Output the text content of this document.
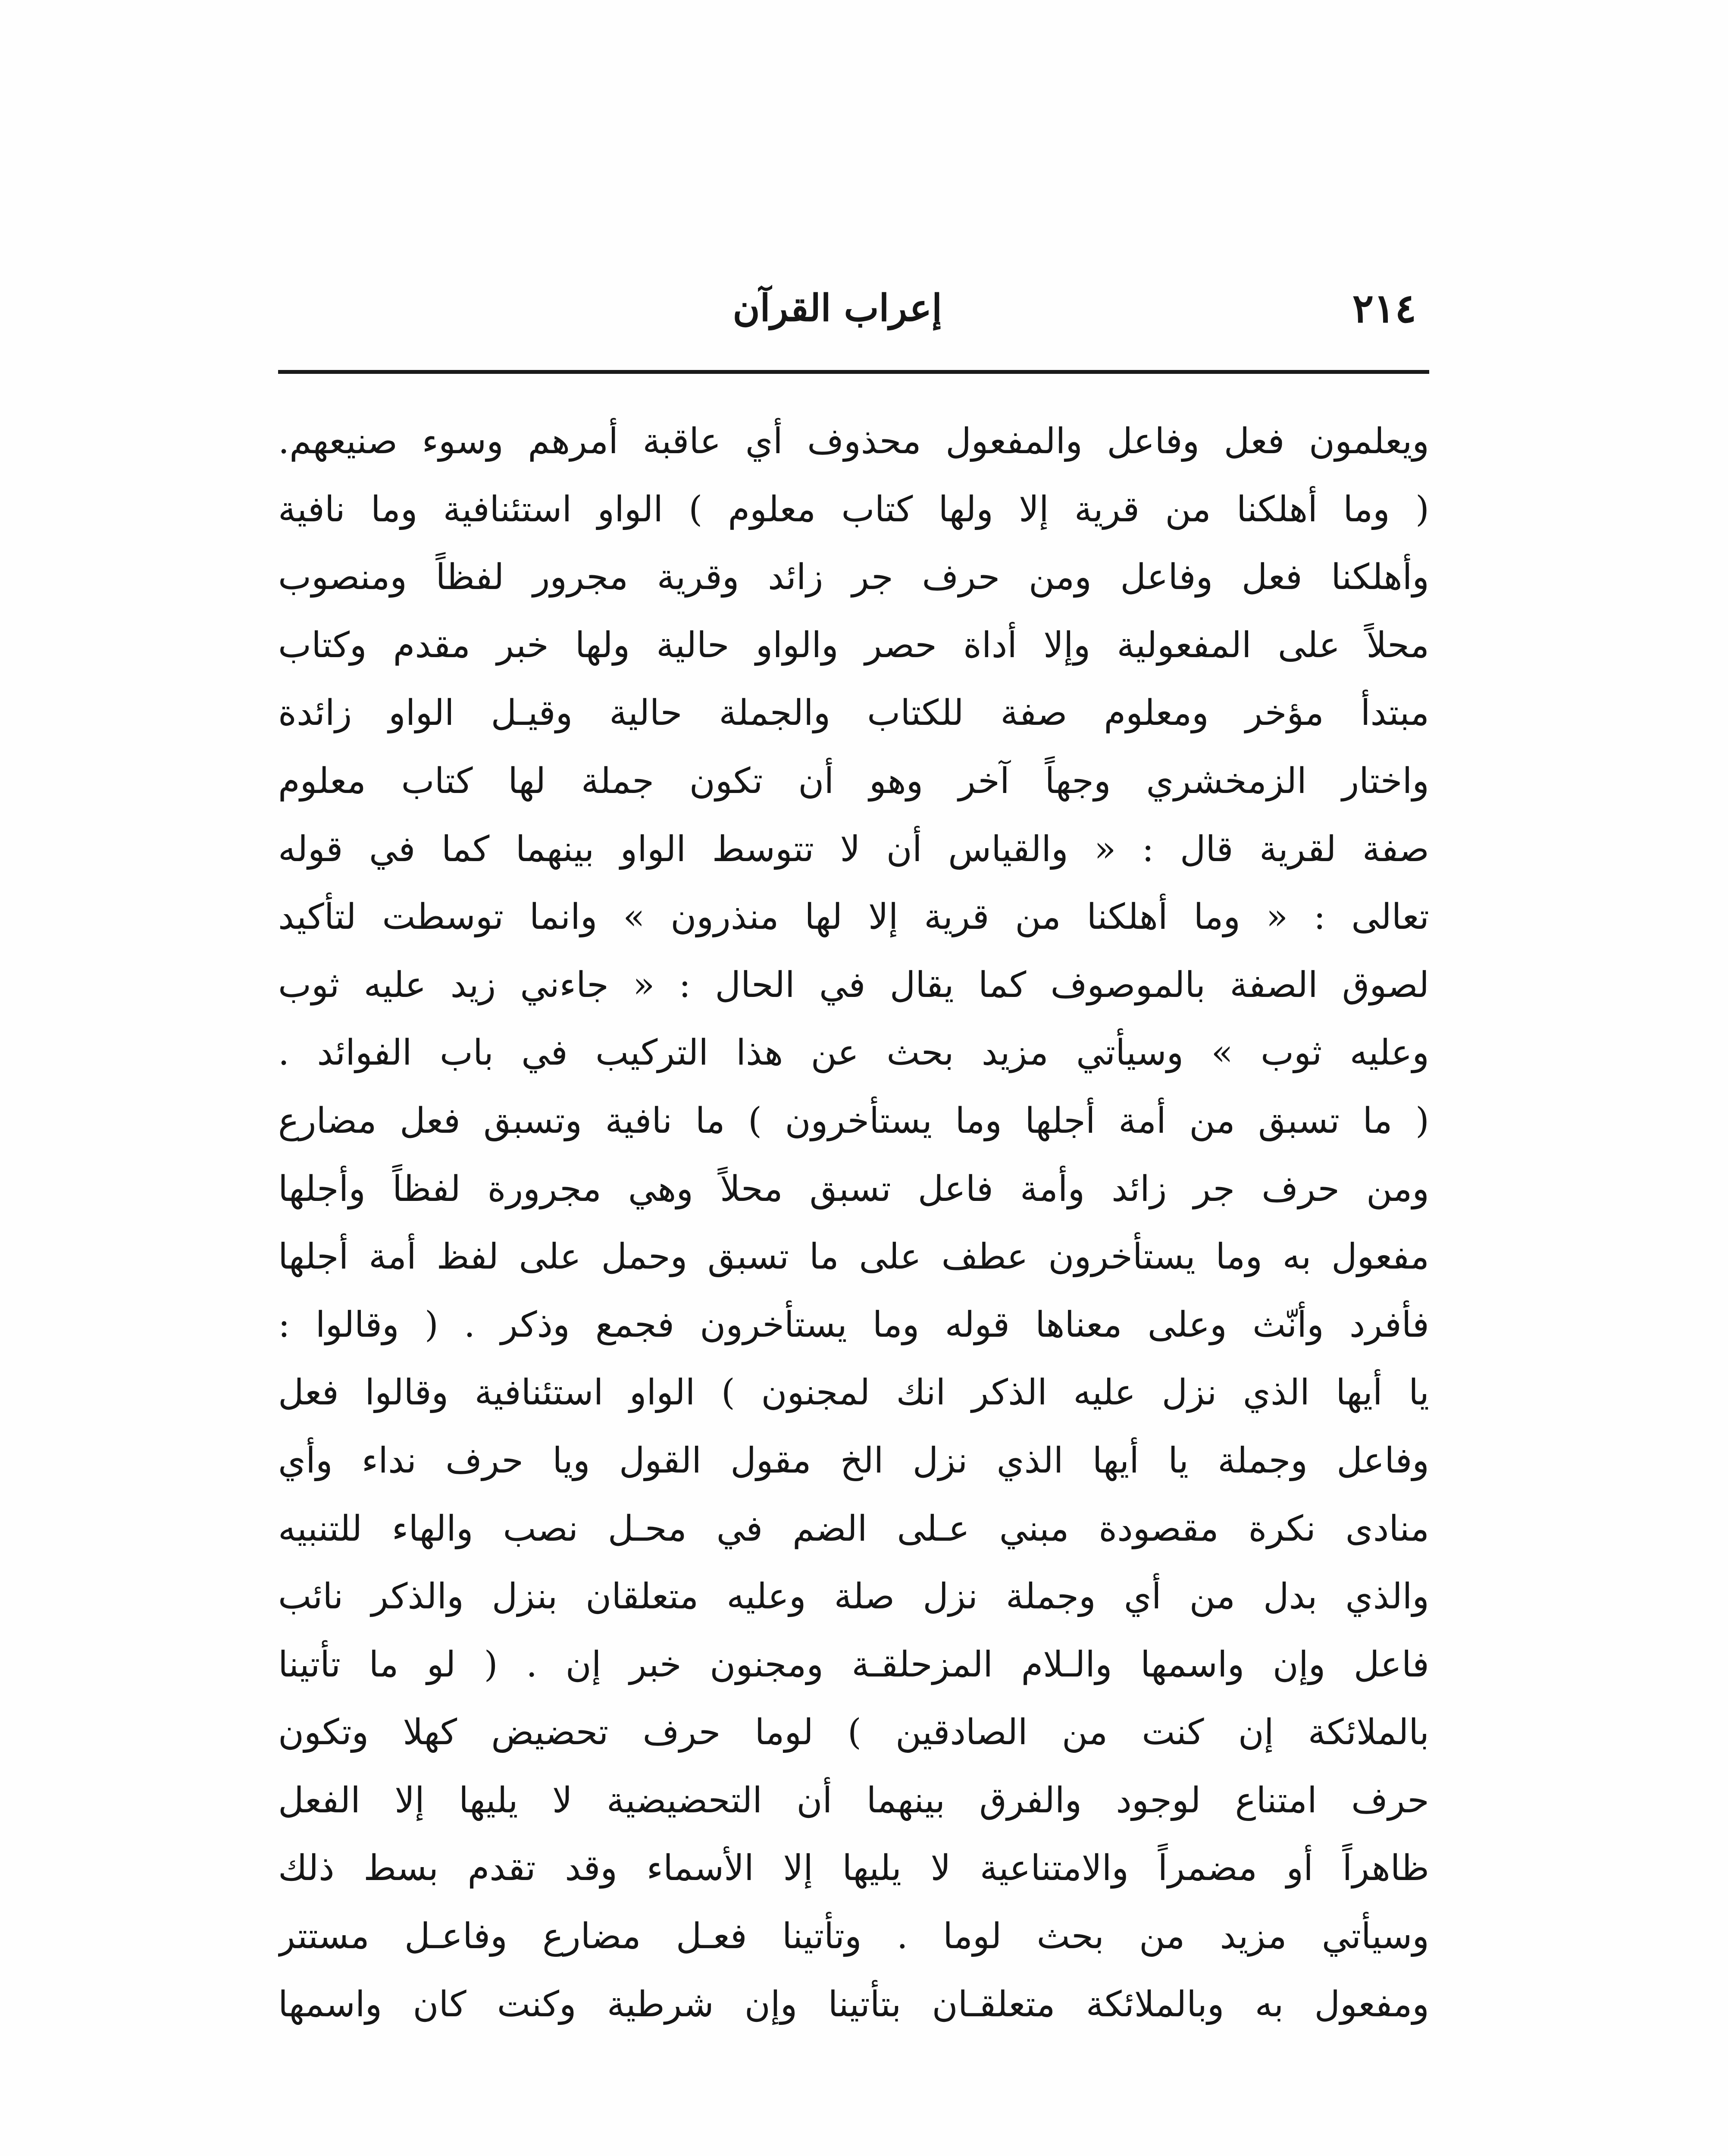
٢١٤
إعراب القرآن
ويعلمون فعل وفاعل والمفعول محذوف أي عاقبة أمرهم وسوء صنيعهم.
( وما أهلكنا من قرية إلا ولها كتاب معلوم ) الواو استئنافية وما نافية
وأهلكنا فعل وفاعل ومن حرف جر زائد وقرية مجرور لفظاً ومنصوب
محلاً على المفعولية وإلا أداة حصر والواو حالية ولها خبر مقدم وكتاب
مبتدأ مؤخر ومعلوم صفة للكتاب والجملة حالية وقيـل الواو زائدة
واختار الزمخشري وجهاً آخر وهو أن تكون جملة لها كتاب معلوم
صفة لقرية قال : « والقياس أن لا تتوسط الواو بينهما كما في قوله
تعالى : « وما أهلكنا من قرية إلا لها منذرون » وانما توسطت لتأكيد
لصوق الصفة بالموصوف كما يقال في الحال : « جاءني زيد عليه ثوب
وعليه ثوب » وسيأتي مزيد بحث عن هذا التركيب في باب الفوائد .
( ما تسبق من أمة أجلها وما يستأخرون ) ما نافية وتسبق فعل مضارع
ومن حرف جر زائد وأمة فاعل تسبق محلاً وهي مجرورة لفظاً وأجلها
مفعول به وما يستأخرون عطف على ما تسبق وحمل على لفظ أمة أجلها
فأفرد وأنّث وعلى معناها قوله وما يستأخرون فجمع وذكر . ( وقالوا :
يا أيها الذي نزل عليه الذكر انك لمجنون ) الواو استئنافية وقالوا فعل
وفاعل وجملة يا أيها الذي نزل الخ مقول القول ويا حرف نداء وأي
منادى نكرة مقصودة مبني عـلى الضم في محـل نصب والهاء للتنبيه
والذي بدل من أي وجملة نزل صلة وعليه متعلقان بنزل والذكر نائب
فاعل وإن واسمها والـلام المزحلقـة ومجنون خبر إن . ( لو ما تأتينا
بالملائكة إن كنت من الصادقين ) لوما حرف تحضيض كهلا وتكون
حرف امتناع لوجود والفرق بينهما أن التحضيضية لا يليها إلا الفعل
ظاهراً أو مضمراً والامتناعية لا يليها إلا الأسماء وقد تقدم بسط ذلك
وسيأتي مزيد من بحث لوما . وتأتينا فعـل مضارع وفاعـل مستتر
ومفعول به وبالملائكة متعلقـان بتأتينا وإن شرطية وكنت كان واسمها
